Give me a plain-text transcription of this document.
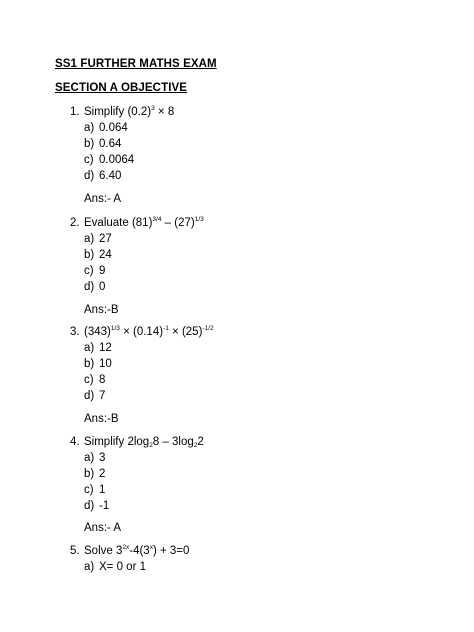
SS1 FURTHER MATHS EXAM
SECTION A OBJECTIVE
1. Simplify $(0.2)^3 \times 8$
a) 0.064
b) 0.64
c) 0.0064
d) 6.40
Ans:- A
2. Evaluate $(81)^{3/4} - (27)^{1/3}$
a) 27
b) 24
c) 9
d) 0
Ans:-B
3. $(343)^{1/3} \times (0.14)^{-1} \times (25)^{-1/2}$
a) 12
b) 10
c) 8
d) 7
Ans:-B
4. Simplify $2\log_28 - 3\log_22$
a) 3
b) 2
c) 1
d) -1
Ans:- A
5. Solve $3^{2x}-4(3^x) + 3=0$
a) X= 0 or 1
